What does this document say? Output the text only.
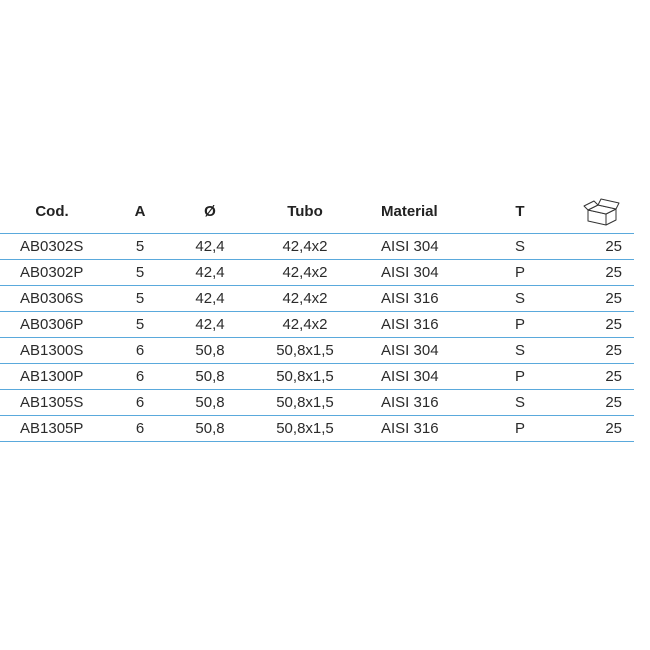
Cod.	A	Ø	Tubo	Material	T
AB0302S	5	42,4	42,4x2	AISI 304	S	25
AB0302P	5	42,4	42,4x2	AISI 304	P	25
AB0306S	5	42,4	42,4x2	AISI 316	S	25
AB0306P	5	42,4	42,4x2	AISI 316	P	25
AB1300S	6	50,8	50,8x1,5	AISI 304	S	25
AB1300P	6	50,8	50,8x1,5	AISI 304	P	25
AB1305S	6	50,8	50,8x1,5	AISI 316	S	25
AB1305P	6	50,8	50,8x1,5	AISI 316	P	25
